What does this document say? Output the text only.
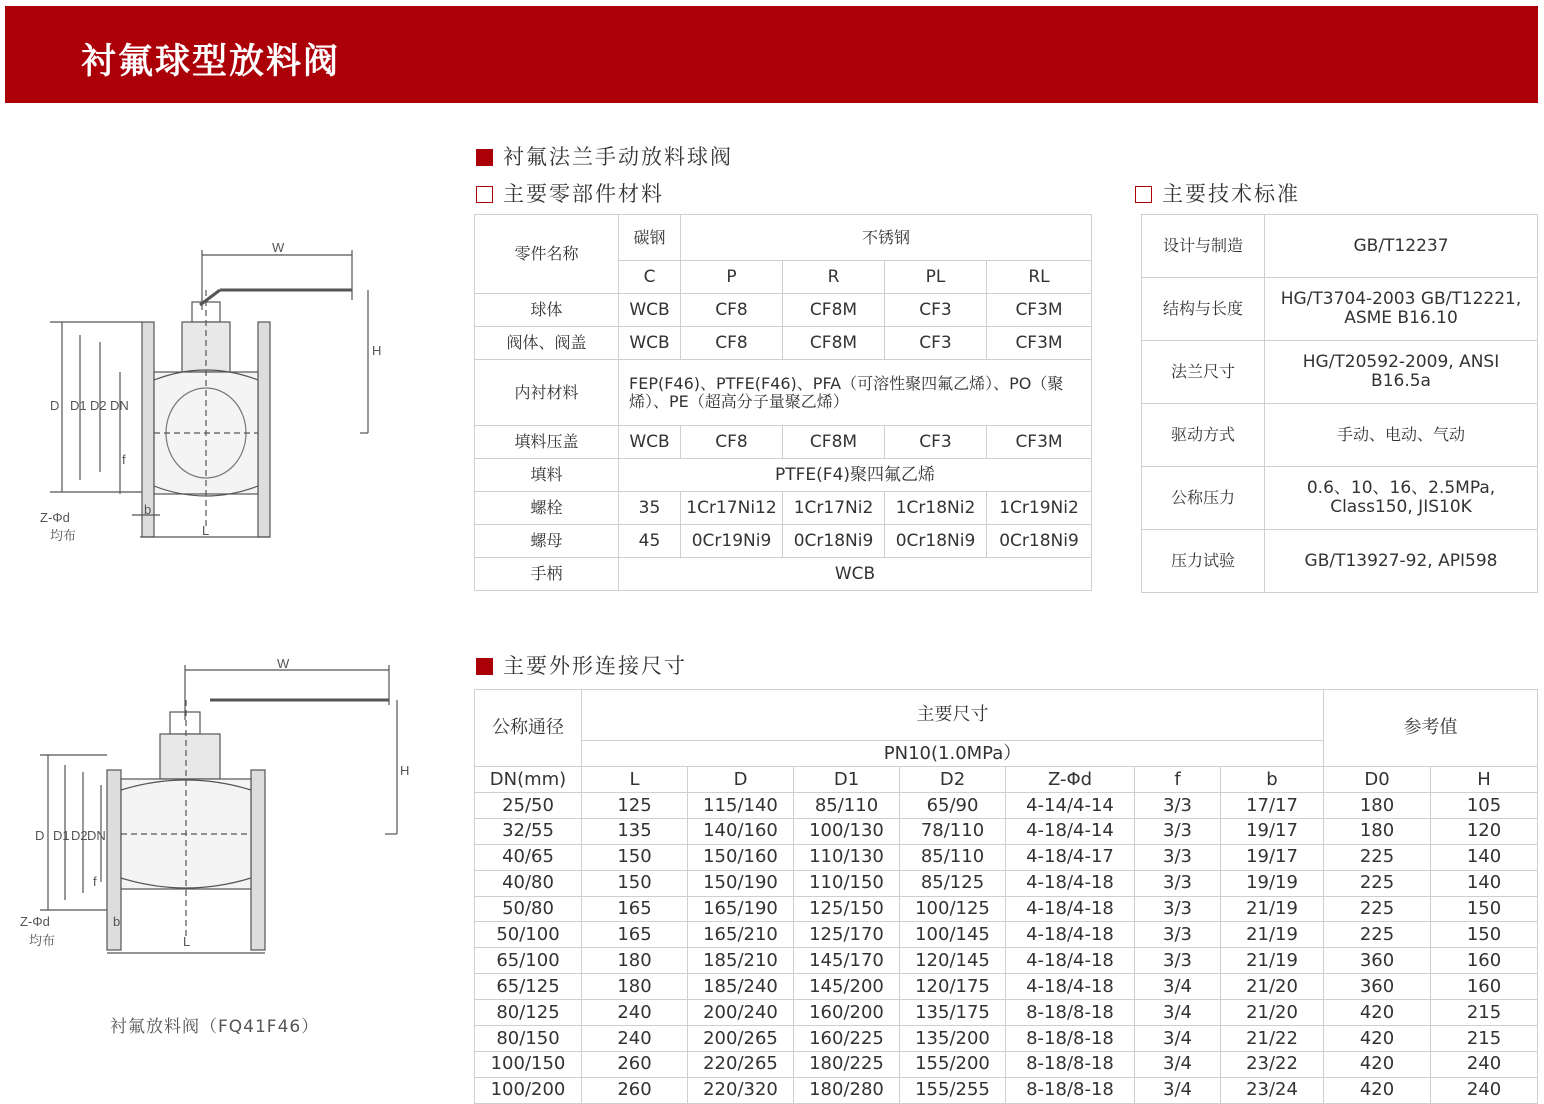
衬氟球型放料阀
衬氟法兰手动放料球阀
主要零部件材料	主要技术标准
主要外形连接尺寸
零件名称	碳钢	不锈钢			
	C	P	R	PL	RL
球体	WCB	CF8	CF8M	CF3	CF3M
阀体、阀盖	WCB	CF8	CF8M	CF3	CF3M
内衬材料	FEP(F46)、PTFE(F46)、PFA（可溶性聚四氟乙烯）、PO（聚烯）、PE（超高分子量聚乙烯）				
填料压盖	WCB	CF8	CF8M	CF3	CF3M
填料	PTFE(F4)聚四氟乙烯				
螺栓	35	1Cr17Ni12	1Cr17Ni2	1Cr18Ni2	1Cr19Ni2
螺母	45	0Cr19Ni9	0Cr18Ni9	0Cr18Ni9	0Cr18Ni9
手柄	WCB				
设计与制造	GB/T12237
结构与长度	HG/T3704-2003 GB/T12221, ASME B16.10
法兰尺寸	HG/T20592-2009, ANSI B16.5a
驱动方式	手动、电动、气动
公称压力	0.6、10、16、2.5MPa, Class150, JIS10K
压力试验	GB/T13927-92, API598
公称通径	主要尺寸							参考值	
	PN10(1.0MPa）								
DN(mm)	L	D	D1	D2	Z-Φd	f	b	D0	H
25/50	125	115/140	85/110	65/90	4-14/4-14	3/3	17/17	180	105
32/55	135	140/160	100/130	78/110	4-18/4-14	3/3	19/17	180	120
40/65	150	150/160	110/130	85/110	4-18/4-17	3/3	19/17	225	140
40/80	150	150/190	110/150	85/125	4-18/4-18	3/3	19/19	225	140
50/80	165	165/190	125/150	100/125	4-18/4-18	3/3	21/19	225	150
50/100	165	165/210	125/170	100/145	4-18/4-18	3/3	21/19	225	150
65/100	180	185/210	145/170	120/145	4-18/4-18	3/3	21/19	360	160
65/125	180	185/240	145/200	120/175	4-18/4-18	3/4	21/20	360	160
80/125	240	200/240	160/200	135/175	8-18/8-18	3/4	21/20	420	215
80/150	240	200/265	160/225	135/200	8-18/8-18	3/4	21/22	420	215
100/150	260	220/265	180/225	155/200	8-18/8-18	3/4	23/22	420	240
100/200	260	220/320	180/280	155/255	8-18/8-18	3/4	23/24	420	240
W
H
D D1 D2 DN
f
b
L
Z-Φd
均布
W
H
D D1 D2 DN
f
b
L
Z-Φd
均布
衬氟放料阀（FQ41F46）
